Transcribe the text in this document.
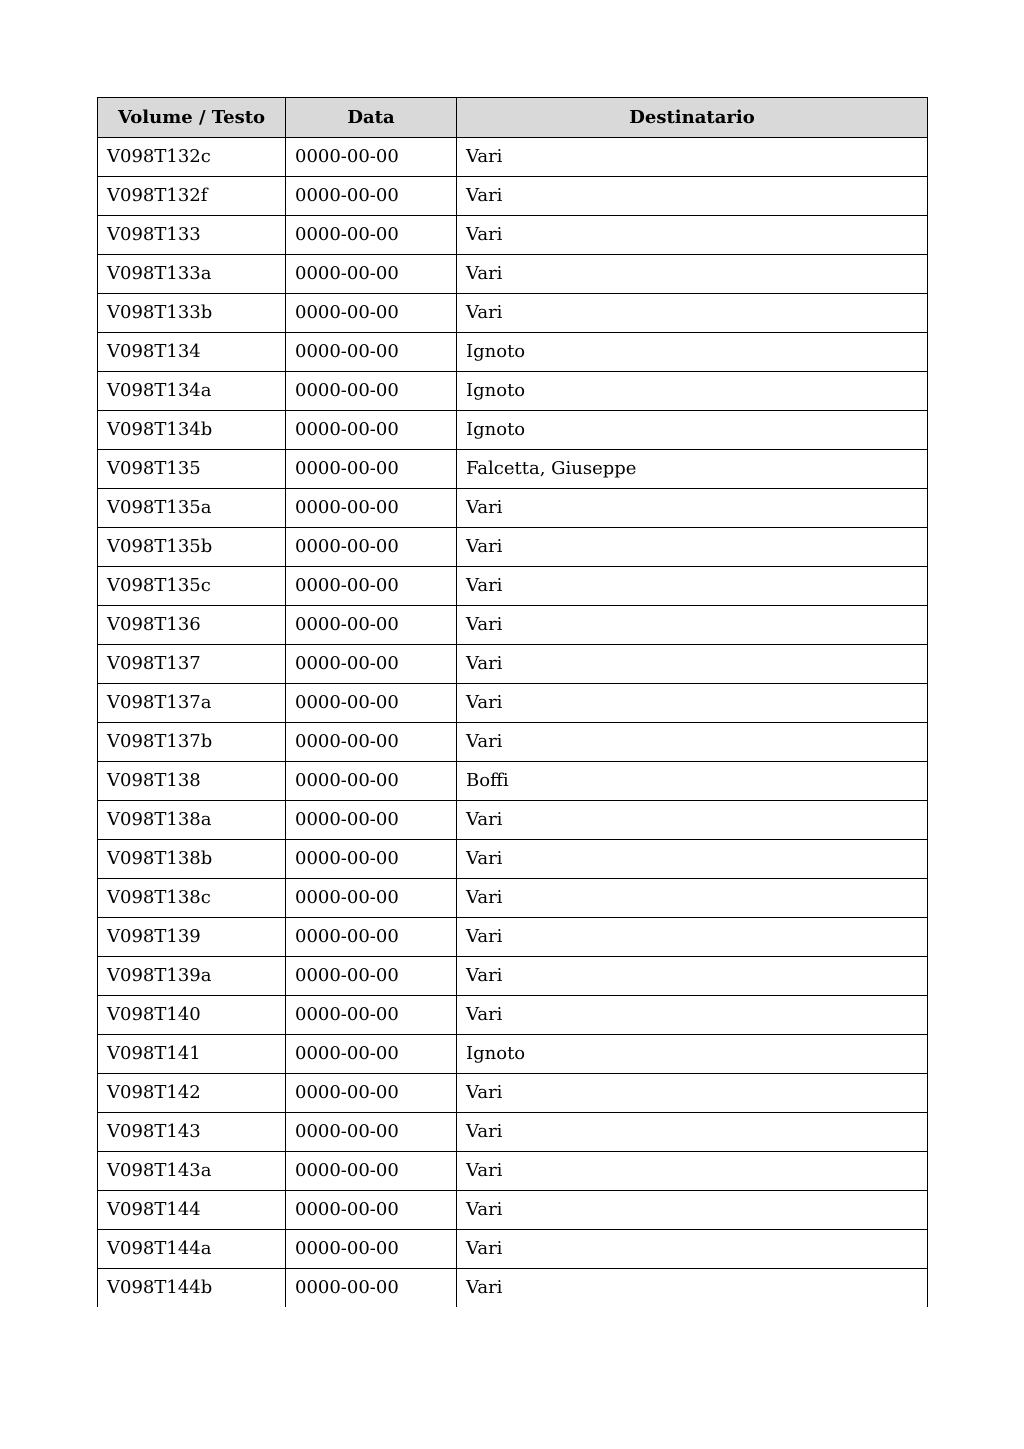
Volume / Testo	Data	Destinatario
V098T132c	0000-00-00	Vari
V098T132f	0000-00-00	Vari
V098T133	0000-00-00	Vari
V098T133a	0000-00-00	Vari
V098T133b	0000-00-00	Vari
V098T134	0000-00-00	Ignoto
V098T134a	0000-00-00	Ignoto
V098T134b	0000-00-00	Ignoto
V098T135	0000-00-00	Falcetta, Giuseppe
V098T135a	0000-00-00	Vari
V098T135b	0000-00-00	Vari
V098T135c	0000-00-00	Vari
V098T136	0000-00-00	Vari
V098T137	0000-00-00	Vari
V098T137a	0000-00-00	Vari
V098T137b	0000-00-00	Vari
V098T138	0000-00-00	Boffi
V098T138a	0000-00-00	Vari
V098T138b	0000-00-00	Vari
V098T138c	0000-00-00	Vari
V098T139	0000-00-00	Vari
V098T139a	0000-00-00	Vari
V098T140	0000-00-00	Vari
V098T141	0000-00-00	Ignoto
V098T142	0000-00-00	Vari
V098T143	0000-00-00	Vari
V098T143a	0000-00-00	Vari
V098T144	0000-00-00	Vari
V098T144a	0000-00-00	Vari
V098T144b	0000-00-00	Vari
